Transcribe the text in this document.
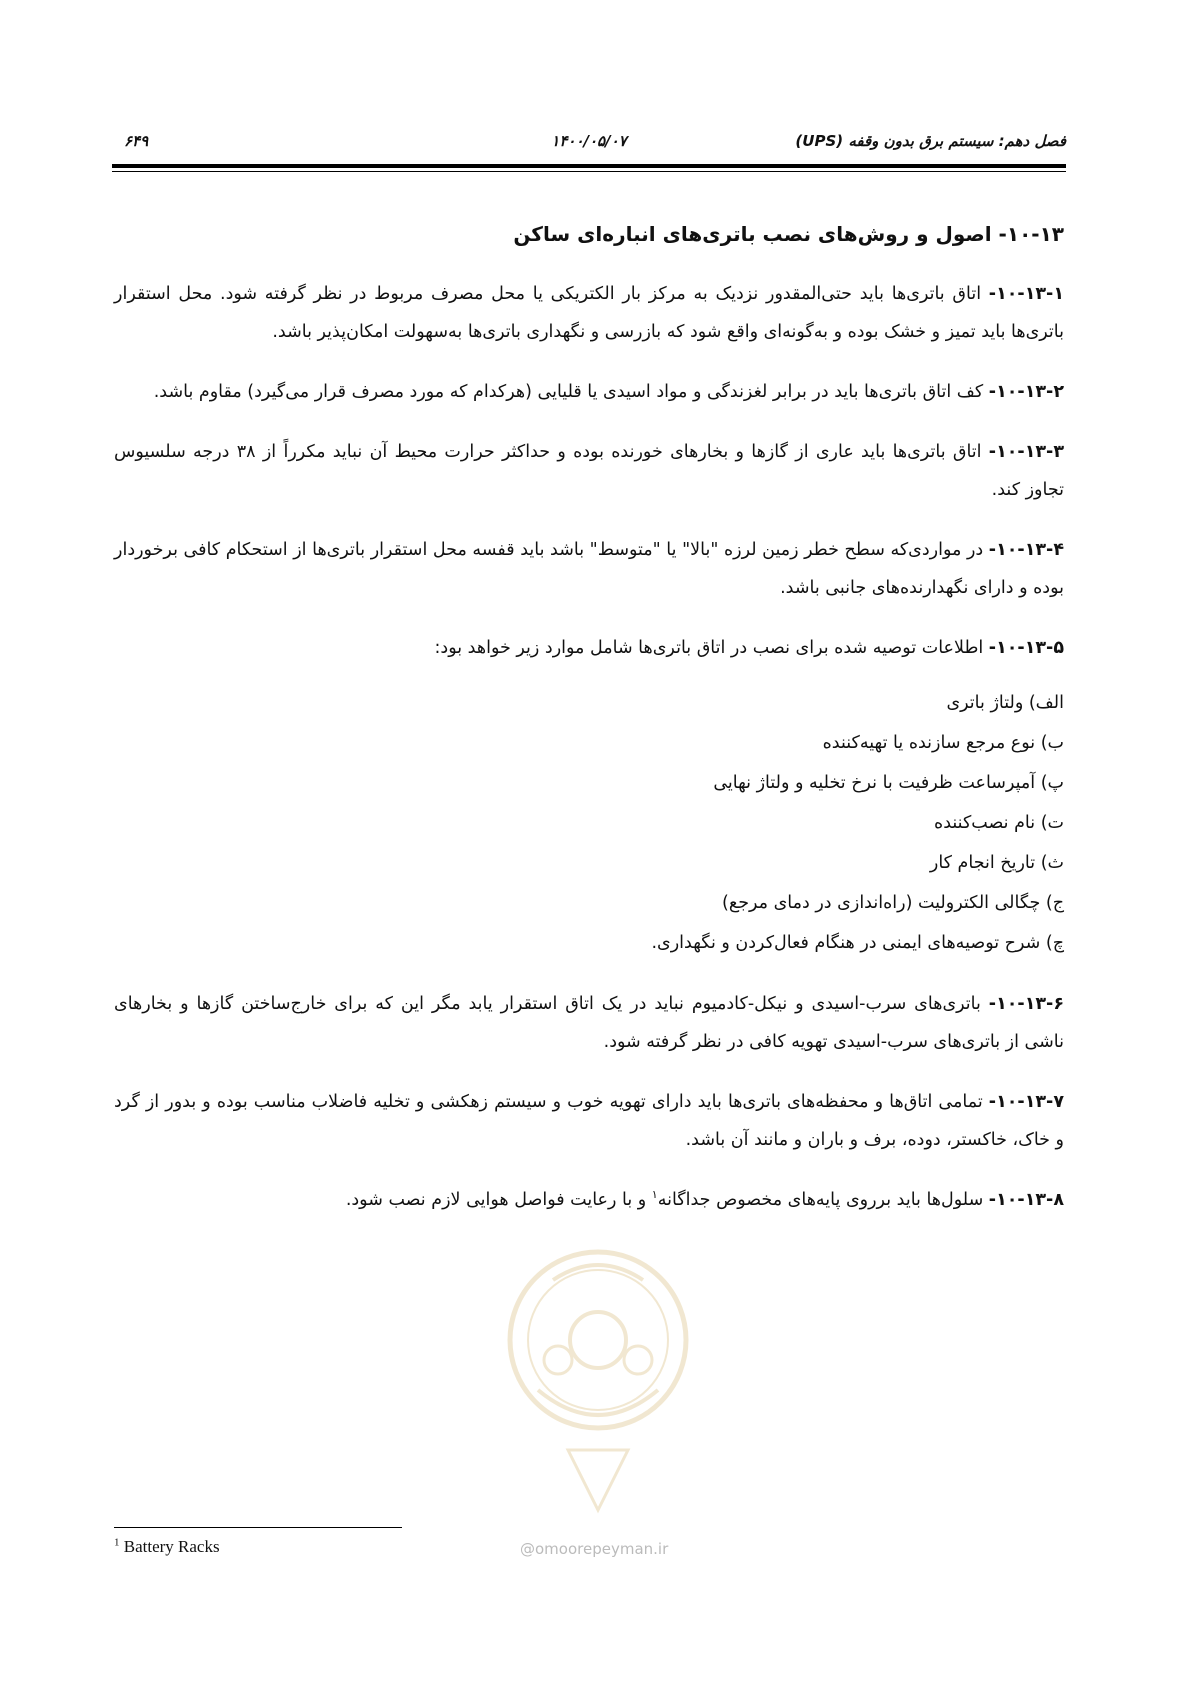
فصل دهم: سیستم برق بدون وقفه (UPS)
۱۴۰۰/۰۵/۰۷
۶۴۹
۱۰-۱۳- اصول و روش‌های نصب باتری‌های انباره‌ای ساکن

۱۰-۱۳-۱- اتاق باتری‌ها باید حتی‌المقدور نزدیک به مرکز بار الکتریکی یا محل مصرف مربوط در نظر گرفته شود. محل استقرار باتری‌ها باید تمیز و خشک بوده و به‌گونه‌ای واقع شود که بازرسی و نگهداری باتری‌ها به‌سهولت امکان‌پذیر باشد.

۱۰-۱۳-۲- کف اتاق باتری‌ها باید در برابر لغزندگی و مواد اسیدی یا قلیایی (هرکدام که مورد مصرف قرار می‌گیرد) مقاوم باشد.

۱۰-۱۳-۳- اتاق باتری‌ها باید عاری از گازها و بخارهای خورنده بوده و حداکثر حرارت محیط آن نباید مکرراً از ۳۸ درجه سلسیوس تجاوز کند.

۱۰-۱۳-۴- در مواردی‌که سطح خطر زمین لرزه "بالا" یا "متوسط" باشد باید قفسه محل استقرار باتری‌ها از استحکام کافی برخوردار بوده و دارای نگهدارنده‌های جانبی باشد.

۱۰-۱۳-۵- اطلاعات توصیه شده برای نصب در اتاق باتری‌ها شامل موارد زیر خواهد بود:

الف) ولتاژ باتری
ب) نوع مرجع سازنده یا تهیه‌کننده
پ) آمپرساعت ظرفیت با نرخ تخلیه و ولتاژ نهایی
ت) نام نصب‌کننده
ث) تاریخ انجام کار
ج) چگالی الکترولیت (راه‌اندازی در دمای مرجع)
چ) شرح توصیه‌های ایمنی در هنگام فعال‌کردن و نگهداری.

۱۰-۱۳-۶- باتری‌های سرب-اسیدی و نیکل-کادمیوم نباید در یک اتاق استقرار یابد مگر این که برای خارج‌ساختن گازها و بخارهای ناشی از باتری‌های سرب-اسیدی تهویه کافی در نظر گرفته شود.

۱۰-۱۳-۷- تمامی اتاق‌ها و محفظه‌های باتری‌ها باید دارای تهویه خوب و سیستم زهکشی و تخلیه فاضلاب مناسب بوده و بدور از گرد و خاک، خاکستر، دوده، برف و باران و مانند آن باشد.

۱۰-۱۳-۸- سلول‌ها باید برروی پایه‌های مخصوص جداگانه$^۱$ و با رعایت فواصل هوایی لازم نصب شود.

@omoorepeyman.ir
$^1$ Battery Racks
